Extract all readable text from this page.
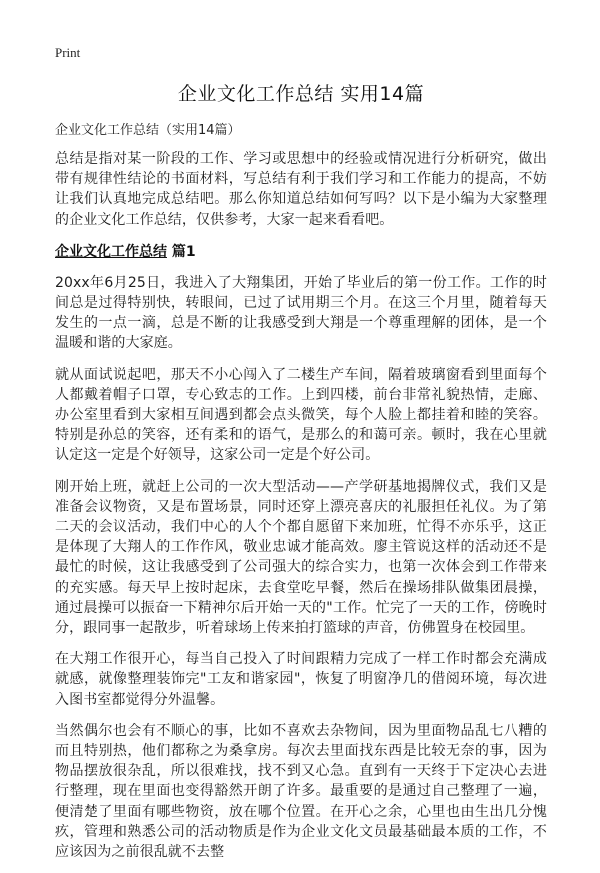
Print
企业文化工作总结 实用14篇
企业文化工作总结（实用14篇）

总结是指对某一阶段的工作、学习或思想中的经验或情况进行分析研究，做出带有规律性结论的书面材料，写总结有利于我们学习和工作能力的提高，不妨让我们认真地完成总结吧。那么你知道总结如何写吗？以下是小编为大家整理的企业文化工作总结，仅供参考，大家一起来看看吧。

企业文化工作总结 篇1

20xx年6月25日，我进入了大翔集团，开始了毕业后的第一份工作。工作的时间总是过得特别快，转眼间，已过了试用期三个月。在这三个月里，随着每天发生的一点一滴，总是不断的让我感受到大翔是一个尊重理解的团体，是一个温暖和谐的大家庭。

就从面试说起吧，那天不小心闯入了二楼生产车间，隔着玻璃窗看到里面每个人都戴着帽子口罩，专心致志的工作。上到四楼，前台非常礼貌热情，走廊、办公室里看到大家相互间遇到都会点头微笑，每个人脸上都挂着和睦的笑容。特别是孙总的笑容，还有柔和的语气，是那么的和蔼可亲。顿时，我在心里就认定这一定是个好领导，这家公司一定是个好公司。

刚开始上班，就赶上公司的一次大型活动——产学研基地揭牌仪式，我们又是准备会议物资，又是布置场景，同时还穿上漂亮喜庆的礼服担任礼仪。为了第二天的会议活动，我们中心的人个个都自愿留下来加班，忙得不亦乐乎，这正是体现了大翔人的工作作风，敬业忠诚才能高效。廖主管说这样的活动还不是最忙的时候，这让我感受到了公司强大的综合实力，也第一次体会到工作带来的充实感。每天早上按时起床，去食堂吃早餐，然后在操场排队做集团晨操，通过晨操可以振奋一下精神尔后开始一天的"工作。忙完了一天的工作，傍晚时分，跟同事一起散步，听着球场上传来拍打篮球的声音，仿佛置身在校园里。

在大翔工作很开心，每当自己投入了时间跟精力完成了一样工作时都会充满成就感，就像整理装饰完"工友和谐家园"，恢复了明窗净几的借阅环境，每次进入图书室都觉得分外温馨。

当然偶尔也会有不顺心的事，比如不喜欢去杂物间，因为里面物品乱七八糟的而且特别热，他们都称之为桑拿房。每次去里面找东西是比较无奈的事，因为物品摆放很杂乱，所以很难找，找不到又心急。直到有一天终于下定决心去进行整理，现在里面也变得豁然开朗了许多。最重要的是通过自己整理了一遍，便清楚了里面有哪些物资，放在哪个位置。在开心之余，心里也由生出几分愧疚，管理和熟悉公司的活动物质是作为企业文化文员最基础最本质的工作，不应该因为之前很乱就不去整
